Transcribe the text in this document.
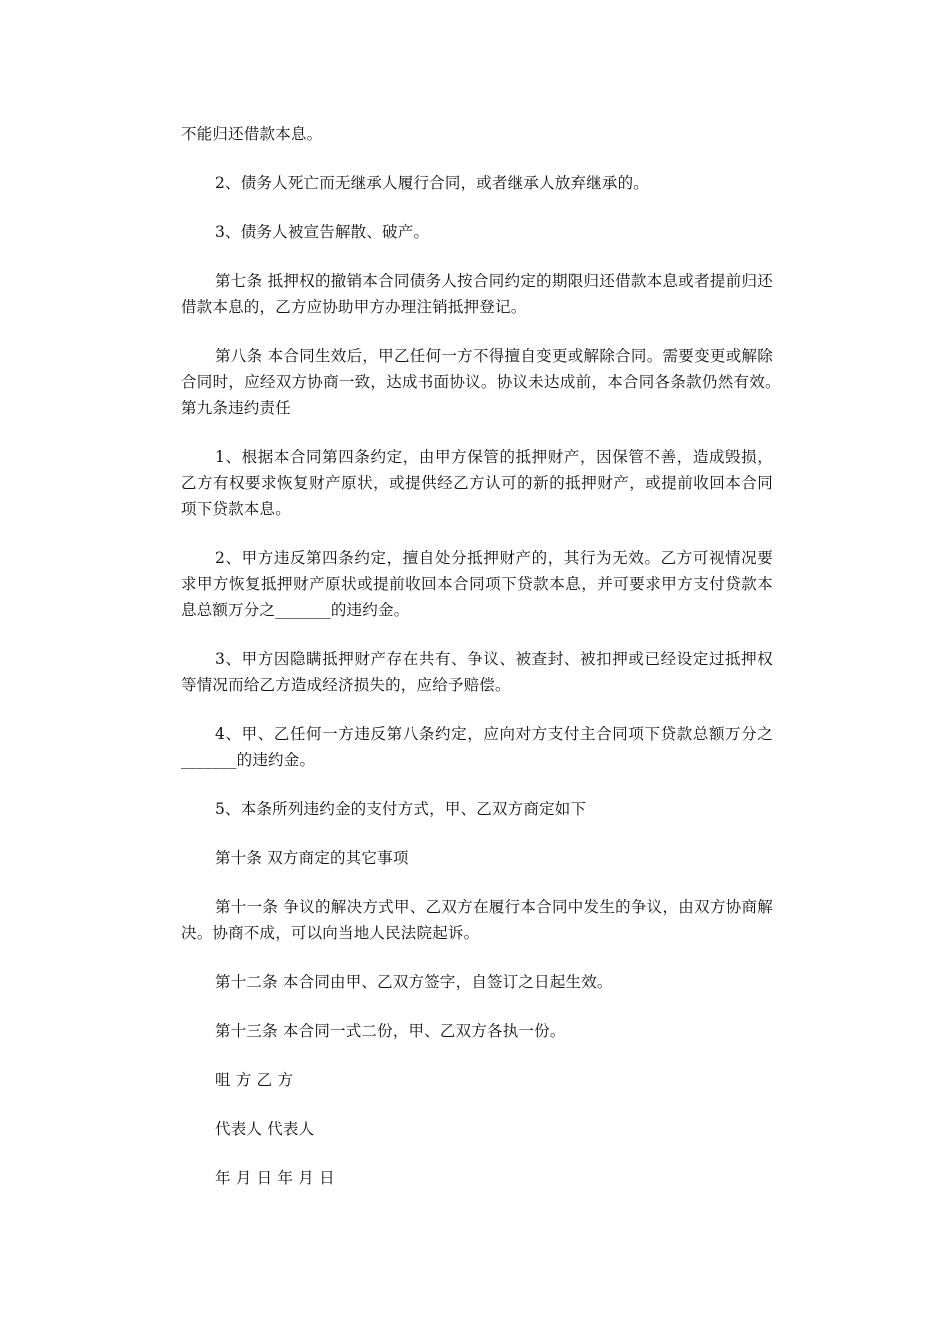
不能归还借款本息。

2、债务人死亡而无继承人履行合同，或者继承人放弃继承的。

3、债务人被宣告解散、破产。

第七条 抵押权的撤销本合同债务人按合同约定的期限归还借款本息或者提前归还借款本息的，乙方应协助甲方办理注销抵押登记。

第八条 本合同生效后，甲乙任何一方不得擅自变更或解除合同。需要变更或解除合同时，应经双方协商一致，达成书面协议。协议未达成前，本合同各条款仍然有效。　第九条违约责任

1、根据本合同第四条约定，由甲方保管的抵押财产，因保管不善，造成毁损，乙方有权要求恢复财产原状，或提供经乙方认可的新的抵押财产，或提前收回本合同项下贷款本息。

2、甲方违反第四条约定，擅自处分抵押财产的，其行为无效。乙方可视情况要求甲方恢复抵押财产原状或提前收回本合同项下贷款本息，并可要求甲方支付贷款本息总额万分之_______的违约金。

3、甲方因隐瞒抵押财产存在共有、争议、被查封、被扣押或已经设定过抵押权等情况而给乙方造成经济损失的，应给予赔偿。

4、甲、乙任何一方违反第八条约定，应向对方支付主合同项下贷款总额万分之_______的违约金。

5、本条所列违约金的支付方式，甲、乙双方商定如下

第十条 双方商定的其它事项

第十一条 争议的解决方式甲、乙双方在履行本合同中发生的争议，由双方协商解决。协商不成，可以向当地人民法院起诉。

第十二条 本合同由甲、乙双方签字，自签订之日起生效。

第十三条 本合同一式二份，甲、乙双方各执一份。

咀 方 乙 方

代表人 代表人

年 月 日 年 月 日
